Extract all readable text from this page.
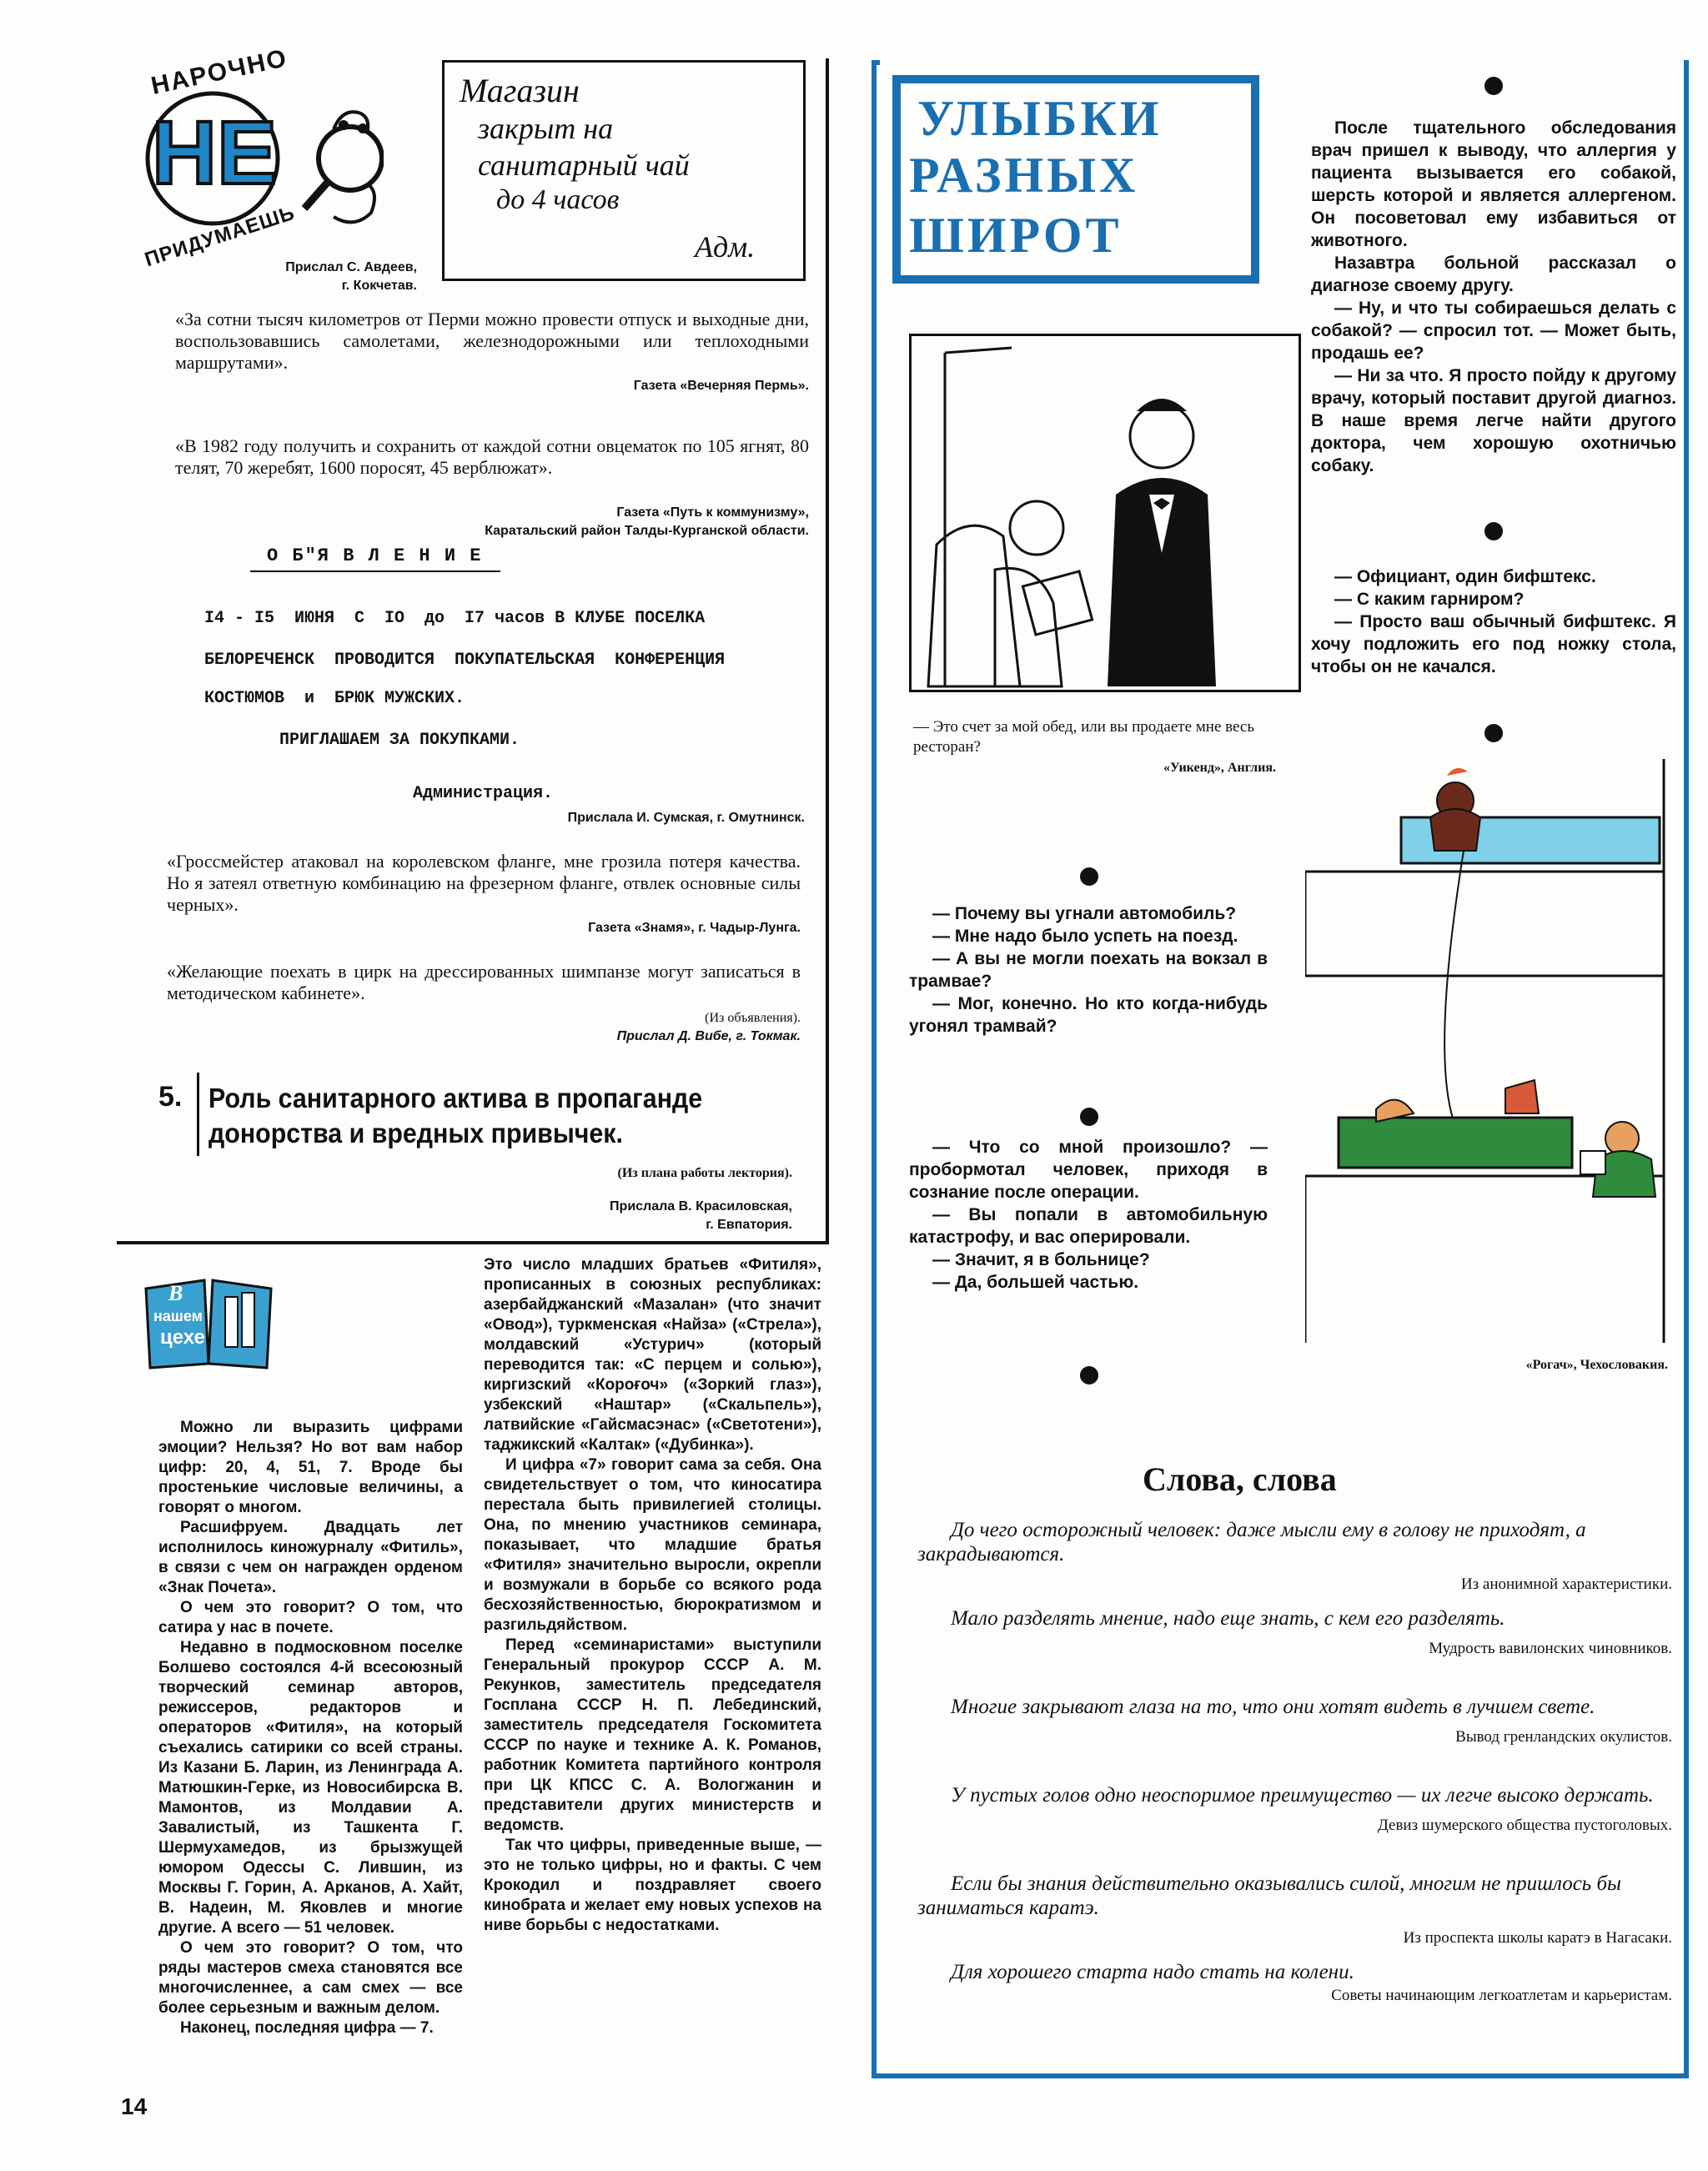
НАРОЧНО
НЕ
ПРИДУМАЕШЬ
Магазин
закрыт на
санитарный чай
до 4 часов
Адм.
Прислал С. Авдеев,
г. Кокчетав.

«За сотни тысяч километров от Перми можно провести отпуск и выходные дни, воспользовавшись самолетами, железнодорожными или теплоходными маршрутами».

Газета «Вечерняя Пермь».

«В 1982 году получить и сохранить от каждой сотни овцематок по 105 ягнят, 80 телят, 70 жеребят, 1600 поросят, 45 верблюжат».

Газета «Путь к коммунизму»,
Каратальский район Талды-Курганской области.
О Б"Я В Л Е Н И Е
I4 - I5  ИЮНЯ  С  IO  до  I7 часов В КЛУБЕ ПОСЕЛКА
БЕЛОРЕЧЕНСК  ПРОВОДИТСЯ  ПОКУПАТЕЛЬСКАЯ  КОНФЕРЕНЦИЯ
КОСТЮМОВ  и  БРЮК МУЖСКИХ.
ПРИГЛАШАЕМ ЗА ПОКУПКАМИ.
Администрация.
Прислала И. Сумская, г. Омутнинск.

«Гроссмейстер атаковал на королевском фланге, мне грозила потеря качества. Но я затеял ответную комбинацию на фрезерном фланге, отвлек основные силы черных».

Газета «Знамя», г. Чадыр-Лунга.

«Желающие поехать в цирк на дрессированных шимпанзе могут записаться в методическом кабинете».

(Из объявления).
Прислал Д. Вибе, г. Токмак.
5. Роль санитарного актива в пропаганде донорства и вредных привычек.

(Из плана работы лектория).
Прислала В. Красиловская,
г. Евпатория.
В
нашем
цехе

Можно ли выразить цифрами эмоции? Нельзя? Но вот вам набор цифр: 20, 4, 51, 7. Вроде бы простенькие числовые величины, а говорят о многом.

Расшифруем. Двадцать лет исполнилось киножурналу «Фитиль», в связи с чем он награжден орденом «Знак Почета».

О чем это говорит? О том, что сатира у нас в почете.

Недавно в подмосковном поселке Болшево состоялся 4-й всесоюзный творческий семинар авторов, режиссеров, редакторов и операторов «Фитиля», на который съехались сатирики со всей страны. Из Казани Б. Ларин, из Ленинграда А. Матюшкин-Герке, из Новосибирска В. Мамонтов, из Молдавии А. Завалистый, из Ташкента Г. Шермухамедов, из брызжущей юмором Одессы С. Лившин, из Москвы Г. Горин, А. Арканов, А. Хайт, В. Надеин, М. Яковлев и многие другие. А всего — 51 человек.

О чем это говорит? О том, что ряды мастеров смеха становятся все многочисленнее, а сам смех — все более серьезным и важным делом.

Наконец, последняя цифра — 7.

Это число младших братьев «Фитиля», прописанных в союзных республиках: азербайджанский «Мазалан» (что значит «Овод»), туркменская «Найза» («Стрела»), молдавский «Устурич» (который переводится так: «С перцем и солью»), киргизский «Короғоч» («Зоркий глаз»), узбекский «Наштар» («Скальпель»), латвийские «Гайсмасэнас» («Светотени»), таджикский «Калтак» («Дубинка»).

И цифра «7» говорит сама за себя. Она свидетельствует о том, что киносатира перестала быть привилегией столицы. Она, по мнению участников семинара, показывает, что младшие братья «Фитиля» значительно выросли, окрепли и возмужали в борьбе со всякого рода бесхозяйственностью, бюрократизмом и разгильдяйством.

Перед «семинаристами» выступили Генеральный прокурор СССР А. М. Рекунков, заместитель председателя Госплана СССР Н. П. Лебединский, заместитель председателя Госкомитета СССР по науке и технике А. К. Романов, работник Комитета партийного контроля при ЦК КПСС С. А. Вологжанин и представители других министерств и ведомств.

Так что цифры, приведенные выше, — это не только цифры, но и факты. С чем Крокодил и поздравляет своего кинобрата и желает ему новых успехов на ниве борьбы с недостатками.

14
УЛЫБКИ
РАЗНЫХ
ШИРОТ

После тщательного обследования врач пришел к выводу, что аллергия у пациента вызывается его собакой, шерсть которой и является аллергеном. Он посоветовал ему избавиться от животного.

Назавтра больной рассказал о диагнозе своему другу.

— Ну, и что ты собираешься делать с собакой? — спросил тот. — Может быть, продашь ее?

— Ни за что. Я просто пойду к другому врачу, который поставит другой диагноз. В наше время легче найти другого доктора, чем хорошую охотничью собаку.

— Официант, один бифштекс.

— С каким гарниром?

— Просто ваш обычный бифштекс. Я хочу подложить его под ножку стола, чтобы он не качался.

— Это счет за мой обед, или вы продаете мне весь ресторан?

«Уикенд», Англия.

— Почему вы угнали автомобиль?

— Мне надо было успеть на поезд.

— А вы не могли поехать на вокзал в трамвае?

— Мог, конечно. Но кто когда-нибудь угонял трамвай?

— Что со мной произошло? — пробормотал человек, приходя в сознание после операции.

— Вы попали в автомобильную катастрофу, и вас оперировали.

— Значит, я в больнице?

— Да, большей частью.

«Рогач», Чехословакия.
Слова, слова

До чего осторожный человек: даже мысли ему в голову не приходят, а закрадываются.

Из анонимной характеристики.

Мало разделять мнение, надо еще знать, с кем его разделять.

Мудрость вавилонских чиновников.

Многие закрывают глаза на то, что они хотят видеть в лучшем свете.

Вывод гренландских окулистов.

У пустых голов одно неоспоримое преимущество — их легче высоко держать.

Девиз шумерского общества пустоголовых.

Если бы знания действительно оказывались силой, многим не пришлось бы заниматься каратэ.

Из проспекта школы каратэ в Нагасаки.

Для хорошего старта надо стать на колени.

Советы начинающим легкоатлетам и карьеристам.
